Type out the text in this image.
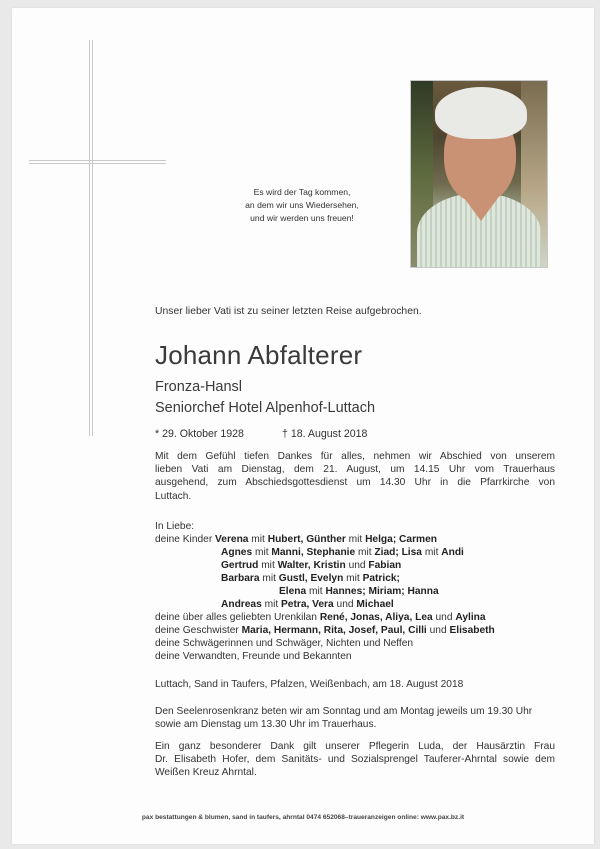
Es wird der Tag kommen,
an dem wir uns Wiedersehen,
und wir werden uns freuen!
Unser lieber Vati ist zu seiner letzten Reise aufgebrochen.
Johann Abfalterer
Fronza-Hansl
Seniorchef Hotel Alpenhof-Luttach
* 29. Oktober 1928	† 18. August 2018
Mit dem Gefühl tiefen Dankes für alles, nehmen wir Abschied von unserem
lieben Vati am Dienstag, dem 21. August, um 14.15 Uhr vom Trauerhaus
ausgehend, zum Abschiedsgottesdienst um 14.30 Uhr in die Pfarrkirche von
Luttach.
In Liebe:
deine Kinder Verena mit Hubert, Günther mit Helga; Carmen
Agnes mit Manni, Stephanie mit Ziad; Lisa mit Andi
Gertrud mit Walter, Kristin und Fabian
Barbara mit Gustl, Evelyn mit Patrick;
Elena mit Hannes; Miriam; Hanna
Andreas mit Petra, Vera und Michael
deine über alles geliebten Urenkilan René, Jonas, Aliya, Lea und Aylina
deine Geschwister Maria, Hermann, Rita, Josef, Paul, Cilli und Elisabeth
deine Schwägerinnen und Schwäger, Nichten und Neffen
deine Verwandten, Freunde und Bekannten
Luttach, Sand in Taufers, Pfalzen, Weißenbach, am 18. August 2018
Den Seelenrosenkranz beten wir am Sonntag und am Montag jeweils um 19.30 Uhr
sowie am Dienstag um 13.30 Uhr im Trauerhaus.
Ein ganz besonderer Dank gilt unserer Pflegerin Luda, der Hausärztin Frau
Dr. Elisabeth Hofer, dem Sanitäts- und Sozialsprengel Tauferer-Ahrntal sowie dem
Weißen Kreuz Ahrntal.
pax bestattungen & blumen, sand in taufers, ahrntal 0474 652068–traueranzeigen online: www.pax.bz.it
